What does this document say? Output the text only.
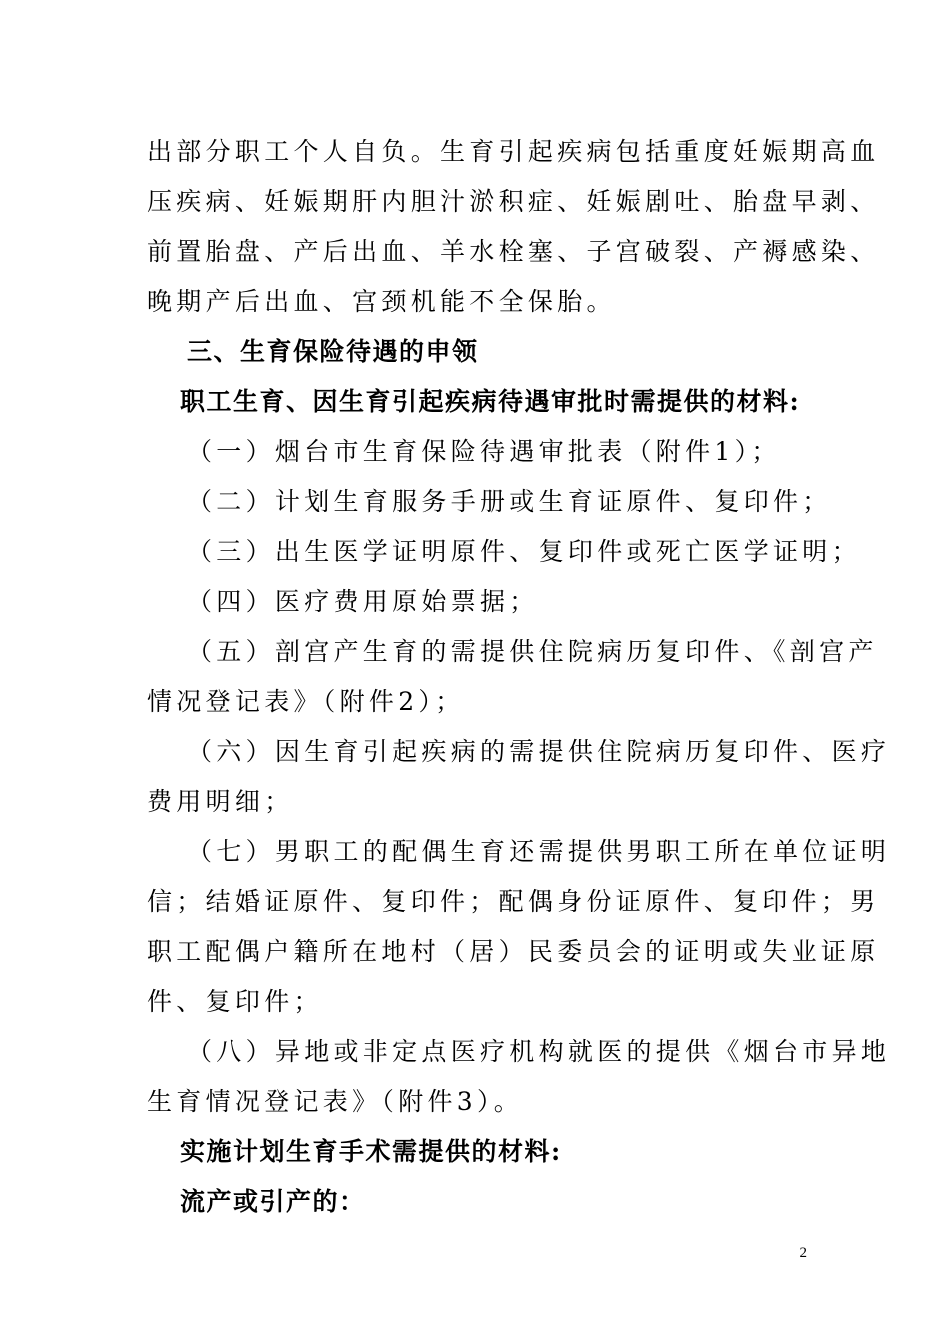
出部分职工个人自负。生育引起疾病包括重度妊娠期高血
压疾病、妊娠期肝内胆汁淤积症、妊娠剧吐、胎盘早剥、
前置胎盘、产后出血、羊水栓塞、子宫破裂、产褥感染、
晚期产后出血、宫颈机能不全保胎。
三、生育保险待遇的申领
职工生育、因生育引起疾病待遇审批时需提供的材料:
（一）烟台市生育保险待遇审批表（附件1）；
（二）计划生育服务手册或生育证原件、复印件；
（三）出生医学证明原件、复印件或死亡医学证明；
（四）医疗费用原始票据；
（五）剖宫产生育的需提供住院病历复印件、《剖宫产
情况登记表》（附件2）；
（六）因生育引起疾病的需提供住院病历复印件、医疗
费用明细；
（七）男职工的配偶生育还需提供男职工所在单位证明
信；结婚证原件、复印件；配偶身份证原件、复印件；男
职工配偶户籍所在地村（居）民委员会的证明或失业证原
件、复印件；
（八）异地或非定点医疗机构就医的提供《烟台市异地
生育情况登记表》（附件3）。
实施计划生育手术需提供的材料:
流产或引产的：
2
